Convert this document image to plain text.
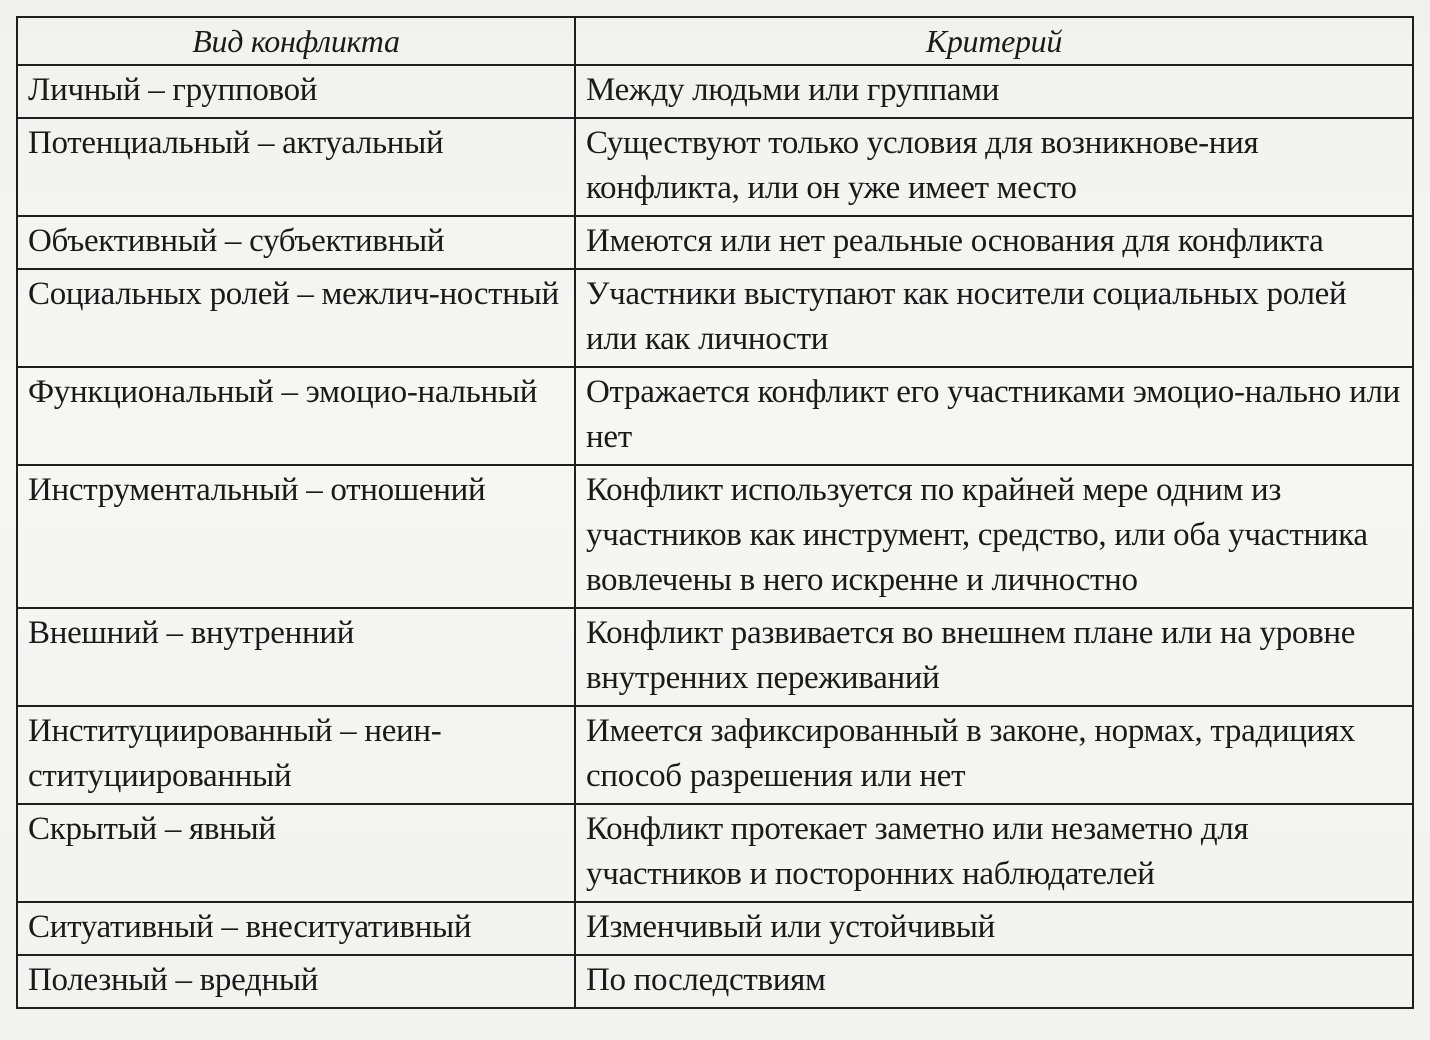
Вид конфликта	Критерий
Личный – групповой	Между людьми или группами
Потенциальный – актуальный	Существуют только условия для возникнове-ния конфликта, или он уже имеет место
Объективный – субъективный	Имеются или нет реальные основания для конфликта
Социальных ролей – межлич-ностный	Участники выступают как носители социальных ролей или как личности
Функциональный – эмоцио-нальный	Отражается конфликт его участниками эмоцио-нально или нет
Инструментальный – отношений	Конфликт используется по крайней мере одним из участников как инструмент, средство, или оба участника вовлечены в него искренне и личностно
Внешний – внутренний	Конфликт развивается во внешнем плане или на уровне внутренних переживаний
Институциированный – неин-ституциированный	Имеется зафиксированный в законе, нормах, традициях способ разрешения или нет
Скрытый – явный	Конфликт протекает заметно или незаметно для участников и посторонних наблюдателей
Ситуативный – внеситуативный	Изменчивый или устойчивый
Полезный – вредный	По последствиям
